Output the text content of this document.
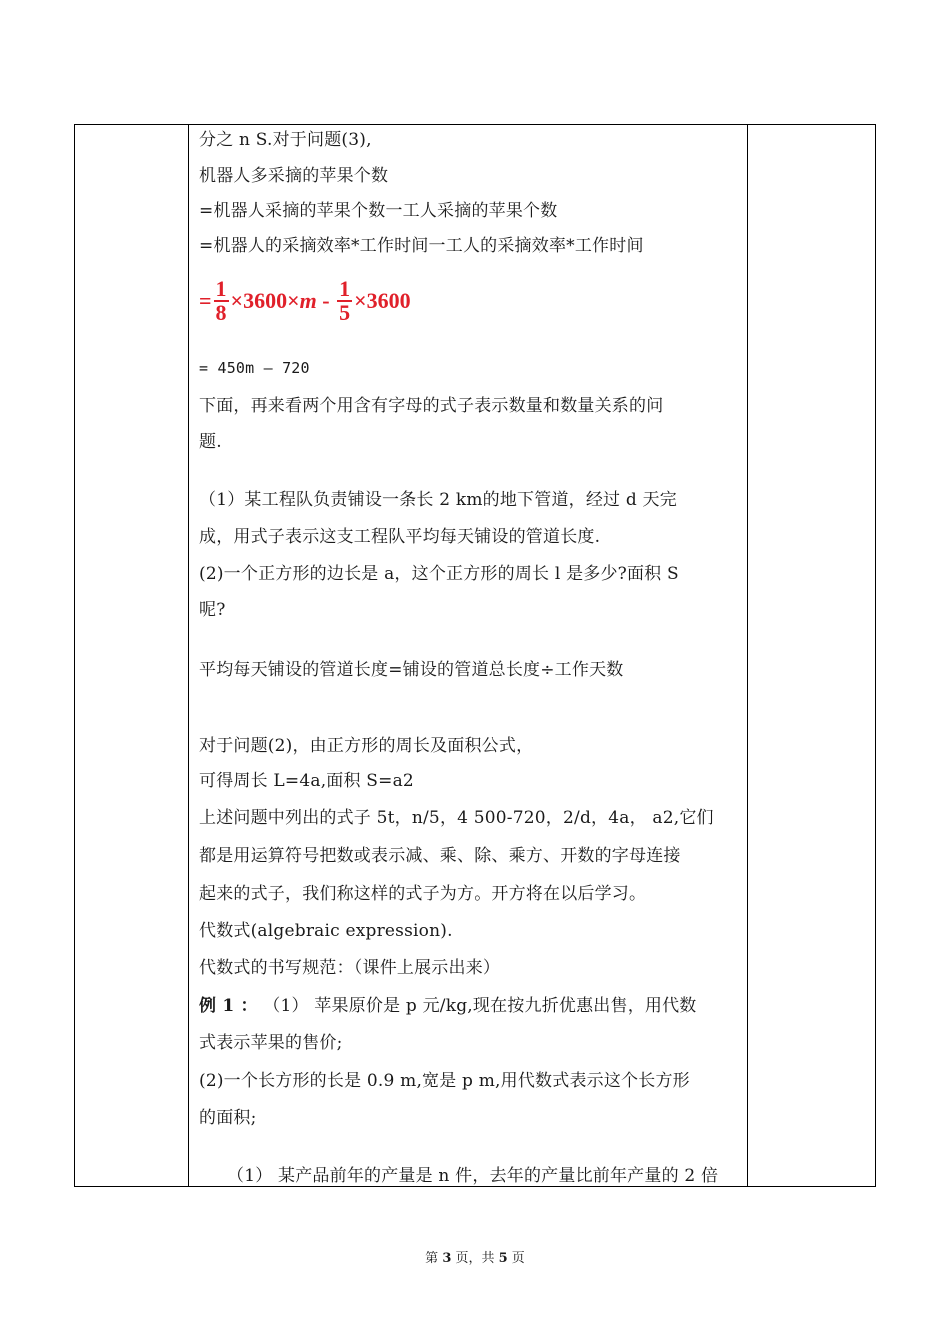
分之 n S.对于问题(3),
机器人多采摘的苹果个数
=机器人采摘的苹果个数一工人采摘的苹果个数
=机器人的采摘效率*工作时间一工人的采摘效率*工作时间
= $\frac{1}{8} \times 3600\times m - \frac{1}{5} \times 3600$
= 450m – 720
下面，再来看两个用含有字母的式子表示数量和数量关系的问
题.
（1）某工程队负责铺设一条长 2 km的地下管道，经过 d 天完
成，用式子表示这支工程队平均每天铺设的管道长度.
(2)一个正方形的边长是 a，这个正方形的周长 l 是多少?面积 S
呢?
平均每天铺设的管道长度=铺设的管道总长度÷工作天数
对于问题(2)，由正方形的周长及面积公式，
可得周长 L=4a,面积 S=a2
上述问题中列出的式子 5t，n/5，4 500-720，2/d，4a， a2,它们
都是用运算符号把数或表示减、乘、除、乘方、开数的字母连接
起来的式子，我们称这样的式子为方。开方将在以后学习。
代数式(algebraic expression).
代数式的书写规范：（课件上展示出来）
例 1 ： （1） 苹果原价是 p 元/kg,现在按九折优惠出售，用代数
式表示苹果的售价;
(2)一个长方形的长是 0.9 m,宽是 p m,用代数式表示这个长方形
的面积;
（1） 某产品前年的产量是 n 件，去年的产量比前年产量的 2 倍
第 3 页，共 5 页
